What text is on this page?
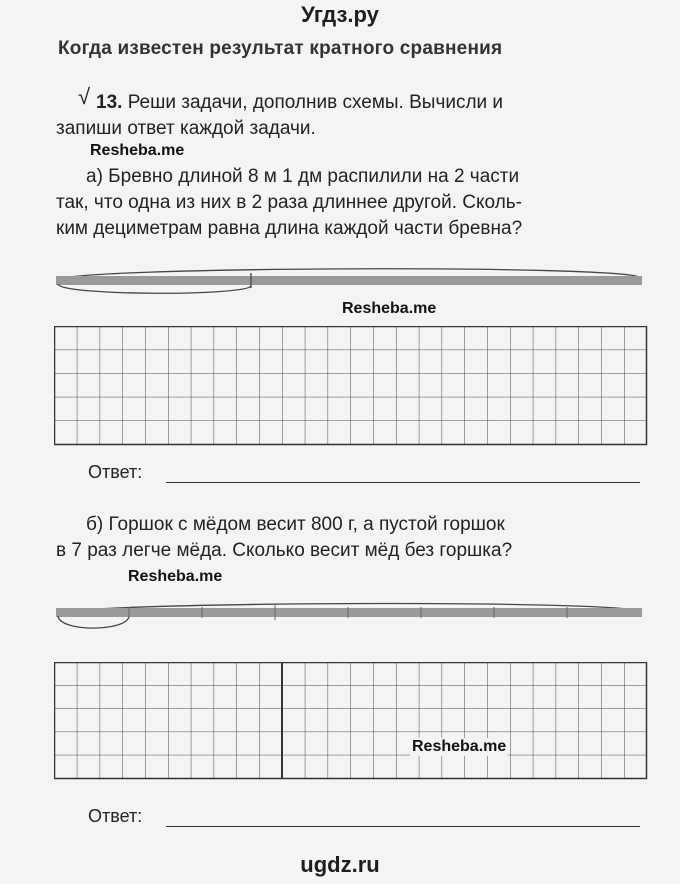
Угдз.ру
Когда известен результат кратного сравнения
√ 13. Реши задачи, дополнив схемы. Вычисли и
запиши ответ каждой задачи.
Resheba.me
а) Бревно длиной 8 м 1 дм распилили на 2 части
так, что одна из них в 2 раза длиннее другой. Сколь-
ким дециметрам равна длина каждой части бревна?
Resheba.me
Ответ:
б) Горшок с мёдом весит 800 г, а пустой горшок
в 7 раз легче мёда. Сколько весит мёд без горшка?
Resheba.me
Resheba.me
Ответ:
ugdz.ru
